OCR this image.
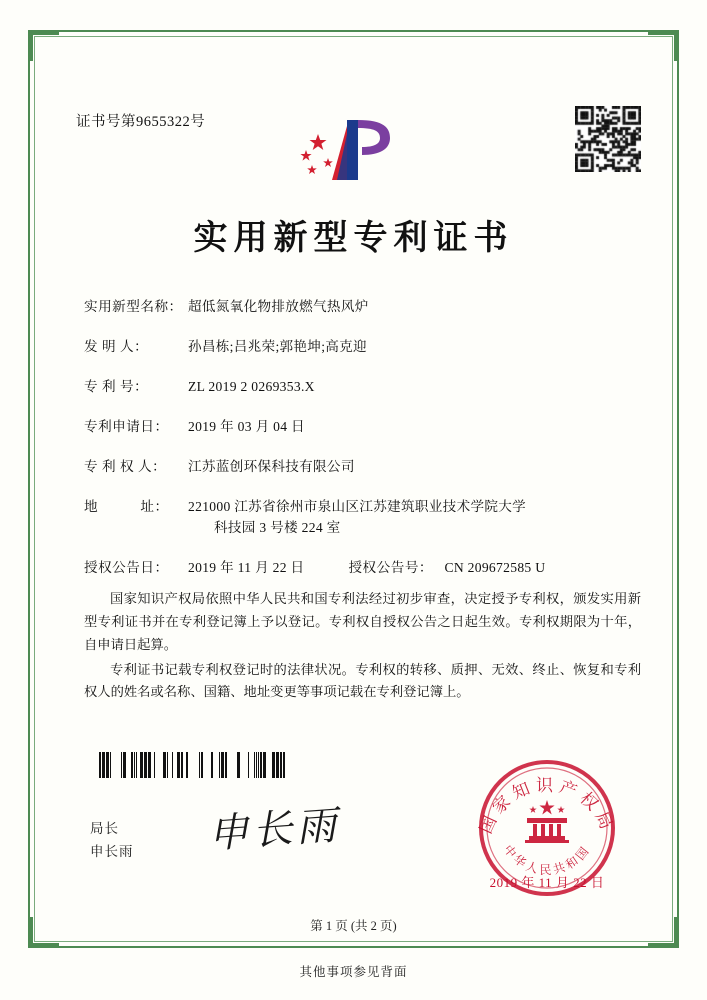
证书号第9655322号
实用新型专利证书
实用新型名称： 超低氮氧化物排放燃气热风炉
发 明 人：	孙昌栋;吕兆荣;郭艳坤;高克迎
专 利 号：	ZL 2019 2 0269353.X
专利申请日：	2019 年 03 月 04 日
专 利 权 人：	江苏蓝创环保科技有限公司
地　　　址：	221000 江苏省徐州市泉山区江苏建筑职业技术学院大学
科技园 3 号楼 224 室
授权公告日：	2019 年 11 月 22 日	授权公告号： CN 209672585 U

国家知识产权局依照中华人民共和国专利法经过初步审查，决定授予专利权，颁发实用新型专利证书并在专利登记簿上予以登记。专利权自授权公告之日起生效。专利权期限为十年，自申请日起算。

专利证书记载专利权登记时的法律状况。专利权的转移、质押、无效、终止、恢复和专利权人的姓名或名称、国籍、地址变更等事项记载在专利登记簿上。

申长雨
局长
申长雨
国家知识产权局
中华人民共和国
2019 年 11 月 22 日
第 1 页 (共 2 页)
其他事项参见背面
